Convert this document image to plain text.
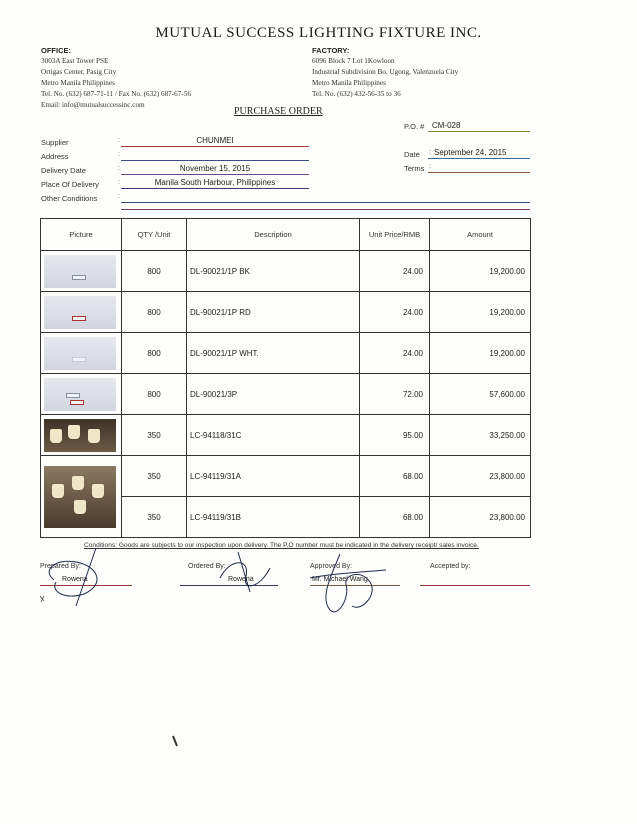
MUTUAL SUCCESS LIGHTING FIXTURE INC.
OFFICE:
3003A East Tower PSE
Ortigas Center, Pasig City
Metro Manila Philippines
Tel. No. (632) 687-71-11 / Fax No. (632) 687-67-56
Email: info@mutualsuccessinc.com
FACTORY:
6096 Block 7 Lot 1Kowloon
Industrial Subdivision Bo. Ugong, Valenzuela City
Metro Manila Philippines
Tel. No. (632) 432-56-35 to 36
PURCHASE ORDER
P.O. # CM-028
Supplier	:	CHUNMEI
Address	:
Delivery Date	:	November 15, 2015
Place Of Delivery	:	Manila South Harbour, Philippines
Other Conditions	:
Date : September 24, 2015
Terms :
Picture	QTY /Unit	Description	Unit Price/RMB	Amount

	800	DL-90021/1P BK	24.00	19,200.00

	800	DL-90021/1P RD	24.00	19,200.00

	800	DL-90021/1P WHT.	24.00	19,200.00

	800	DL-90021/3P	72.00	57,600.00

	350	LC-94118/31C	95.00	33,250.00

	350	LC-94119/31A	68.00	23,800.00
	350	LC-94119/31B	68.00	23,800.00
Conditions: Goods are subjects to our inspection upon delivery. The P.O number must be indicated in the delivery receipt/ sales invoice.
Prepared By:
Rowena
Ordered By:
Rowena
Approved By:
Mr. Michael Wang
Accepted by:
